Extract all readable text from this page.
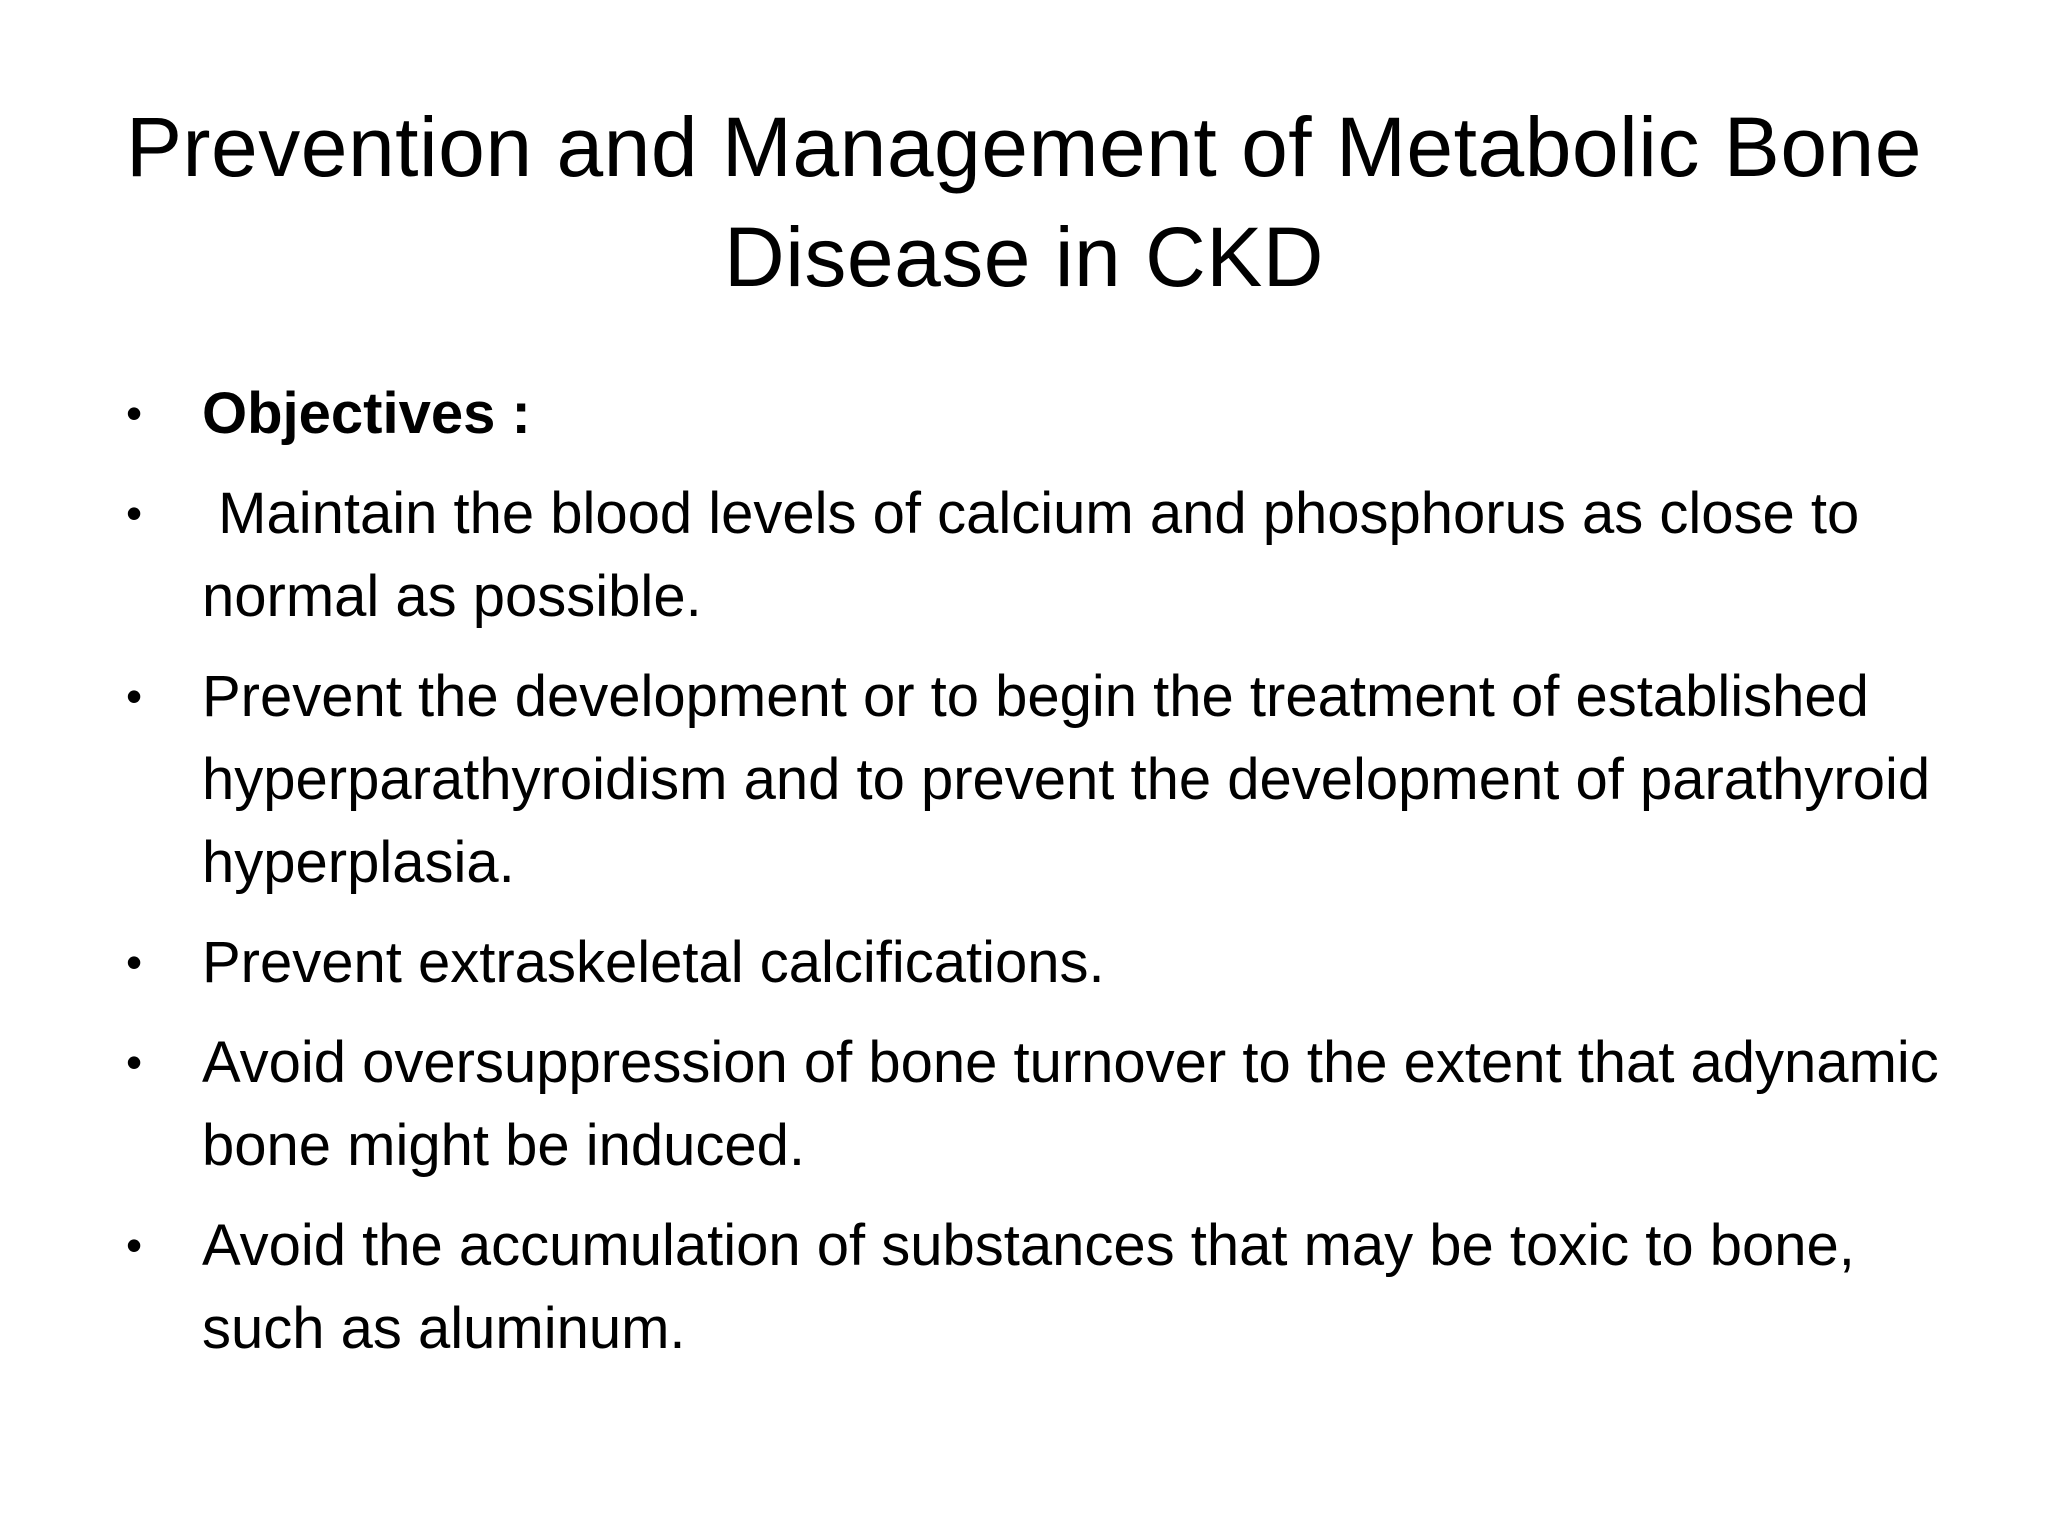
Prevention and Management of Metabolic Bone Disease in CKD
• Objectives :
• Maintain the blood levels of calcium and phosphorus as close to normal as possible.
• Prevent the development or to begin the treatment of established hyperparathyroidism and to prevent the development of parathyroid hyperplasia.
• Prevent extraskeletal calcifications.
• Avoid oversuppression of bone turnover to the extent that adynamic bone might be induced.
• Avoid the accumulation of substances that may be toxic to bone, such as aluminum.
